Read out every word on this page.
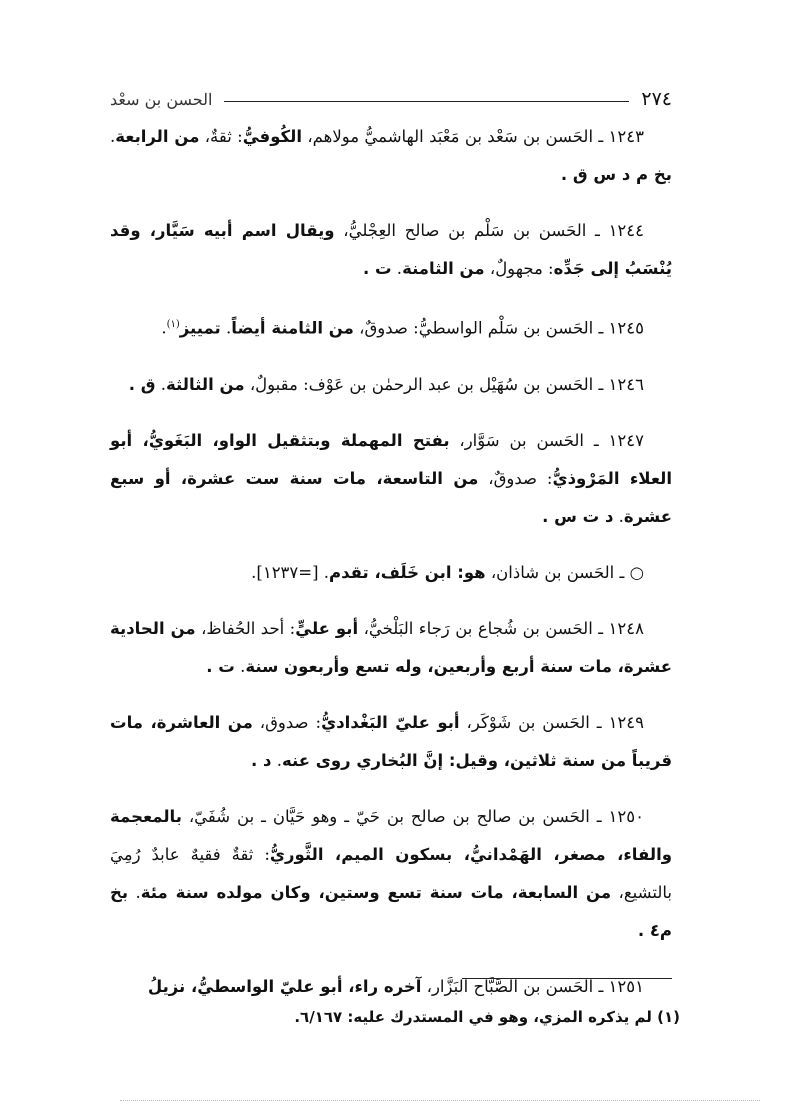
٢٧٤
الحسن بن سعْد
١٢٤٣ ـ الحَسن بن سَعْد بن مَعْبَد الهاشميُّ مولاهم، الكُوفيُّ: ثقةٌ، من الرابعة. بخ م د س ق .
١٢٤٤ ـ الحَسن بن سَلْم بن صالح العِجْليُّ، ويقال اسم أبيه سَيَّار، وقد يُنْسَبُ إلى جَدِّه: مجهولٌ، من الثامنة. ت .
١٢٤٥ ـ الحَسن بن سَلْم الواسطيُّ: صدوقٌ، من الثامنة أيضاً. تمييز$^{(١)}$.
١٢٤٦ ـ الحَسن بن سُهَيْل بن عبد الرحمٰن بن عَوْف: مقبولٌ، من الثالثة. ق .
١٢٤٧ ـ الحَسن بن سَوَّار، بفتح المهملة وبتثقيل الواو، البَغَويُّ، أبو العلاء المَرْوذيُّ: صدوقٌ، من التاسعة، مات سنة ست عشرة، أو سبع عشرة. د ت س .
○ ـ الحَسن بن شاذان، هو: ابن خَلَف، تقدم. [=١٢٣٧].
١٢٤٨ ـ الحَسن بن شُجاع بن رَجاء البَلْخيُّ، أبو عليٍّ: أحد الحُفاظ، من الحادية عشرة، مات سنة أربع وأربعين، وله تسع وأربعون سنة. ت .
١٢٤٩ ـ الحَسن بن شَوْكَر، أبو عليّ البَغْداديُّ: صدوق، من العاشرة، مات قريباً من سنة ثلاثين، وقيل: إنَّ البُخاري روى عنه. د .
١٢٥٠ ـ الحَسن بن صالح بن صالح بن حَيّ ـ وهو حَيَّان ـ بن شُفَيّ، بالمعجمة والفاء، مصغر، الهَمْدانيُّ، بسكون الميم، الثَّوريُّ: ثقةٌ فقيهٌ عابدٌ رُمِيَ بالتشيع، من السابعة، مات سنة تسع وستين، وكان مولده سنة مئة. بخ م٤ .
١٢٥١ ـ الحَسن بن الصَّبَّاح البَزَّار، آخره راء، أبو عليّ الواسطيُّ، نزيلُ
(١) لم يذكره المزي، وهو في المستدرك عليه: ٦/١٦٧.
